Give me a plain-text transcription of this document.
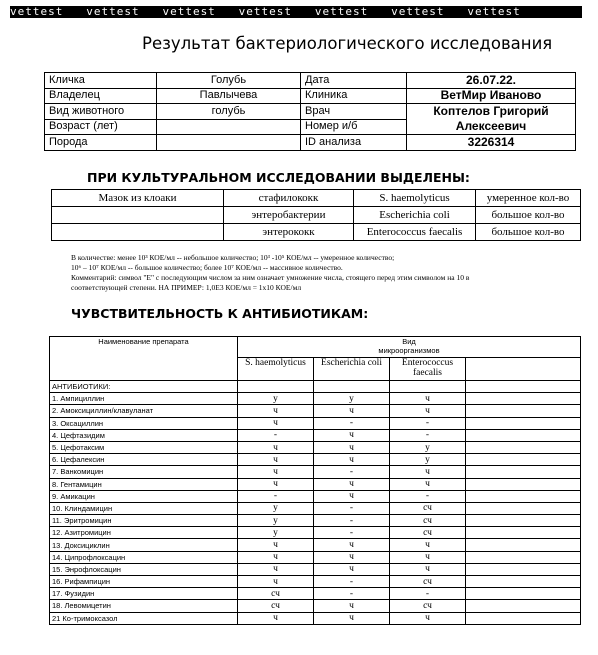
vettest   vettest   vettest   vettest   vettest   vettest   vettest
Результат бактериологического исследования
Кличка	Голубь	Дата	26.07.22.
Владелец	Павлычева	Клиника	ВетМир Иваново
Вид животного	голубь	Врач	Коптелов Григорий Алексеевич
Возраст (лет)		Номер и/б	
Порода		ID анализа	3226314
ПРИ КУЛЬТУРАЛЬНОМ ИССЛЕДОВАНИИ ВЫДЕЛЕНЫ:
Мазок из клоаки	стафилококк	S. haemolyticus	умеренное кол-во
	энтеробактерии	Escherichia coli	большое кол-во
	энтерококк	Enterococcus faecalis	большое кол-во
В количестве: менее 10³ КОЕ/мл -- небольшое количество; 10³ -10⁵ КОЕ/мл -- умеренное количество;
10⁶ – 10⁷ КОЕ/мл -- большое количество; более 10⁷ КОЕ/мл -- массивное количество.
Комментарий: символ "Е" с последующим числом за ним означает умножение числа, стоящего перед этим символом на 10 в
соответствующей степени. НА ПРИМЕР: 1,0Е3 КОЕ/мл = 1х10 КОЕ/мл
ЧУВСТВИТЕЛЬНОСТЬ К АНТИБИОТИКАМ:
Наименование препарата	Вид
микроорганизмов			

	S. haemolyticus	Escherichia coli	Enterococcus faecalis	
АНТИБИОТИКИ:				
1. Ампициллин	у	у	ч	
2. Амоксициллин/клавуланат	ч	ч	ч	
3. Оксациллин	ч	-	-	
4. Цефтазидим	-	ч	-	
5. Цефотаксим	ч	ч	у	
6. Цефалексин	ч	ч	у	
7. Ванкомицин	ч	-	ч	
8. Гентамицин	ч	ч	ч	
9. Амикацин	-	ч	-	
10. Клиндамицин	у	-	сч	
11. Эритромицин	у	-	сч	
12. Азитромицин	у	-	сч	
13. Доксициклин	ч	ч	ч	
14. Ципрофлоксацин	ч	ч	ч	
15. Энрофлоксацин	ч	ч	ч	
16. Рифампицин	ч	-	сч	
17. Фузидин	сч	-	-	
18. Левомицетин	сч	ч	сч	
21 Ко-тримоксазол	ч	ч	ч	
